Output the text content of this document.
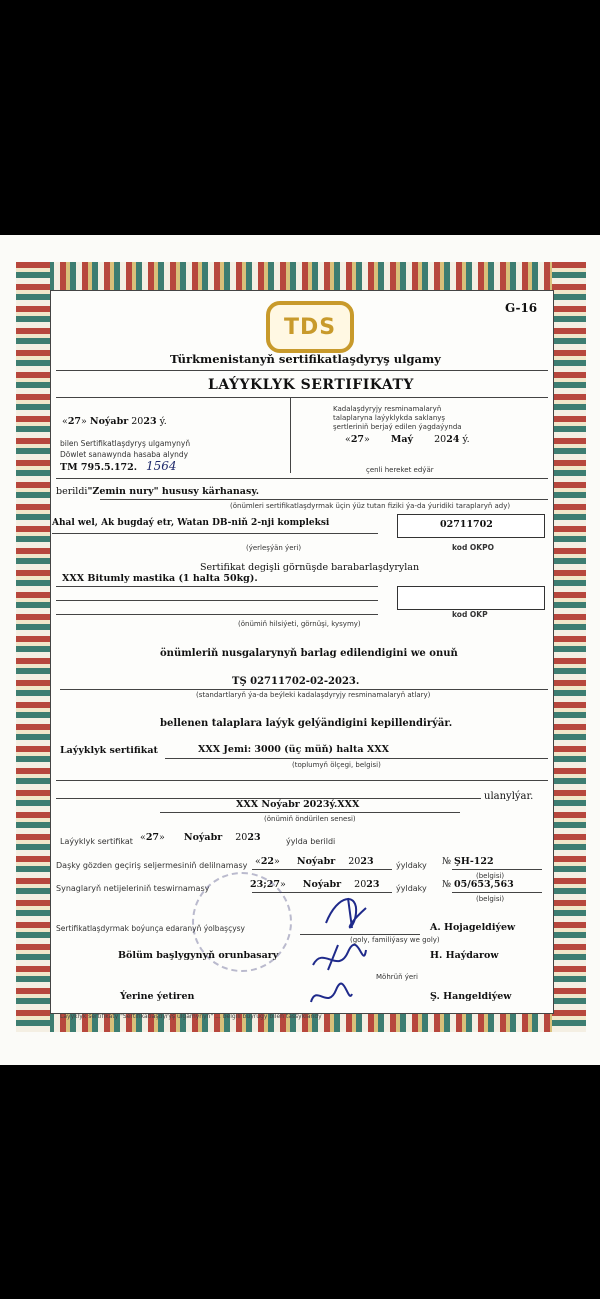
G-16
TDS
Türkmenistanyň sertifikatlaşdyryş ulgamy
LAÝYKLYK SERTIFIKATY
«27» Noýabr 2023 ý.
bilen Sertifikatlaşdyryş ulgamynyň
Döwlet sanawynda hasaba alyndy
TM 795.5.172. 1564
Kadalaşdyryjy resminamalaryň
talaplaryna laýyklykda saklanyş
şertleriniň berjaý edilen ýagdaýynda
«27» Maý 2024 ý.
çenli hereket edýär
berildi"Zemin nury" hususy kärhanasy.
(önümleri sertifikatlaşdyrmak üçin ýüz tutan fiziki ýa-da ýuridiki taraplaryň ady)
Ahal wel, Ak bugdaý etr, Watan DB-niň 2-nji kompleksi	02711702
(ýerleşýän ýeri)	kod OKPO
Sertifikat degişli görnüşde barabarlaşdyrylan
XXX Bitumly mastika (1 halta 50kg).
kod OKP
(önümiň hilsiýeti, görnüşi, kysymy)
önümleriň nusgalarynyň barlag edilendigini we onuň
TŞ 02711702-02-2023.
(standartlaryň ýa-da beýleki kadalaşdyryjy resminamalaryň atlary)
bellenen talaplara laýyk gelýändigini kepillendirýär.
Laýyklyk sertifikat	XXX Jemi: 3000 (üç müň) halta XXX
(toplumyň ölçegi, belgisi)
ulanylýar.
XXX Noýabr 2023ý.XXX
(önümiň öndürilen senesi)
Laýyklyk sertifikat «27» Noýabr 2023	ýylda berildi
Daşky gözden geçiriş seljermesiniň delilnamasy «22» Noýabr 2023	ýyldaky № ŞH-122
(belgisi)
Synaglaryň netijeleriniň teswirnamasy	23;27» Noýabr 2023 ýyldaky № 05/653,563
(belgisi)
Sertifikatlaşdyrmak boýunça edaranyň ýolbaşçysy	A. Hojageldiýew
(goly, familiýasy we goly)
Bölüm başlygynyň orunbasary	H. Haýdarow
Möhrüň ýeri
Ýerine ýetiren	Ş. Hangeldiýew
Laýyklyk sertifikaty "Sertifikatlaşdyryş ulgamynyň" ... belgili buýrugy bilen tassyklandy
